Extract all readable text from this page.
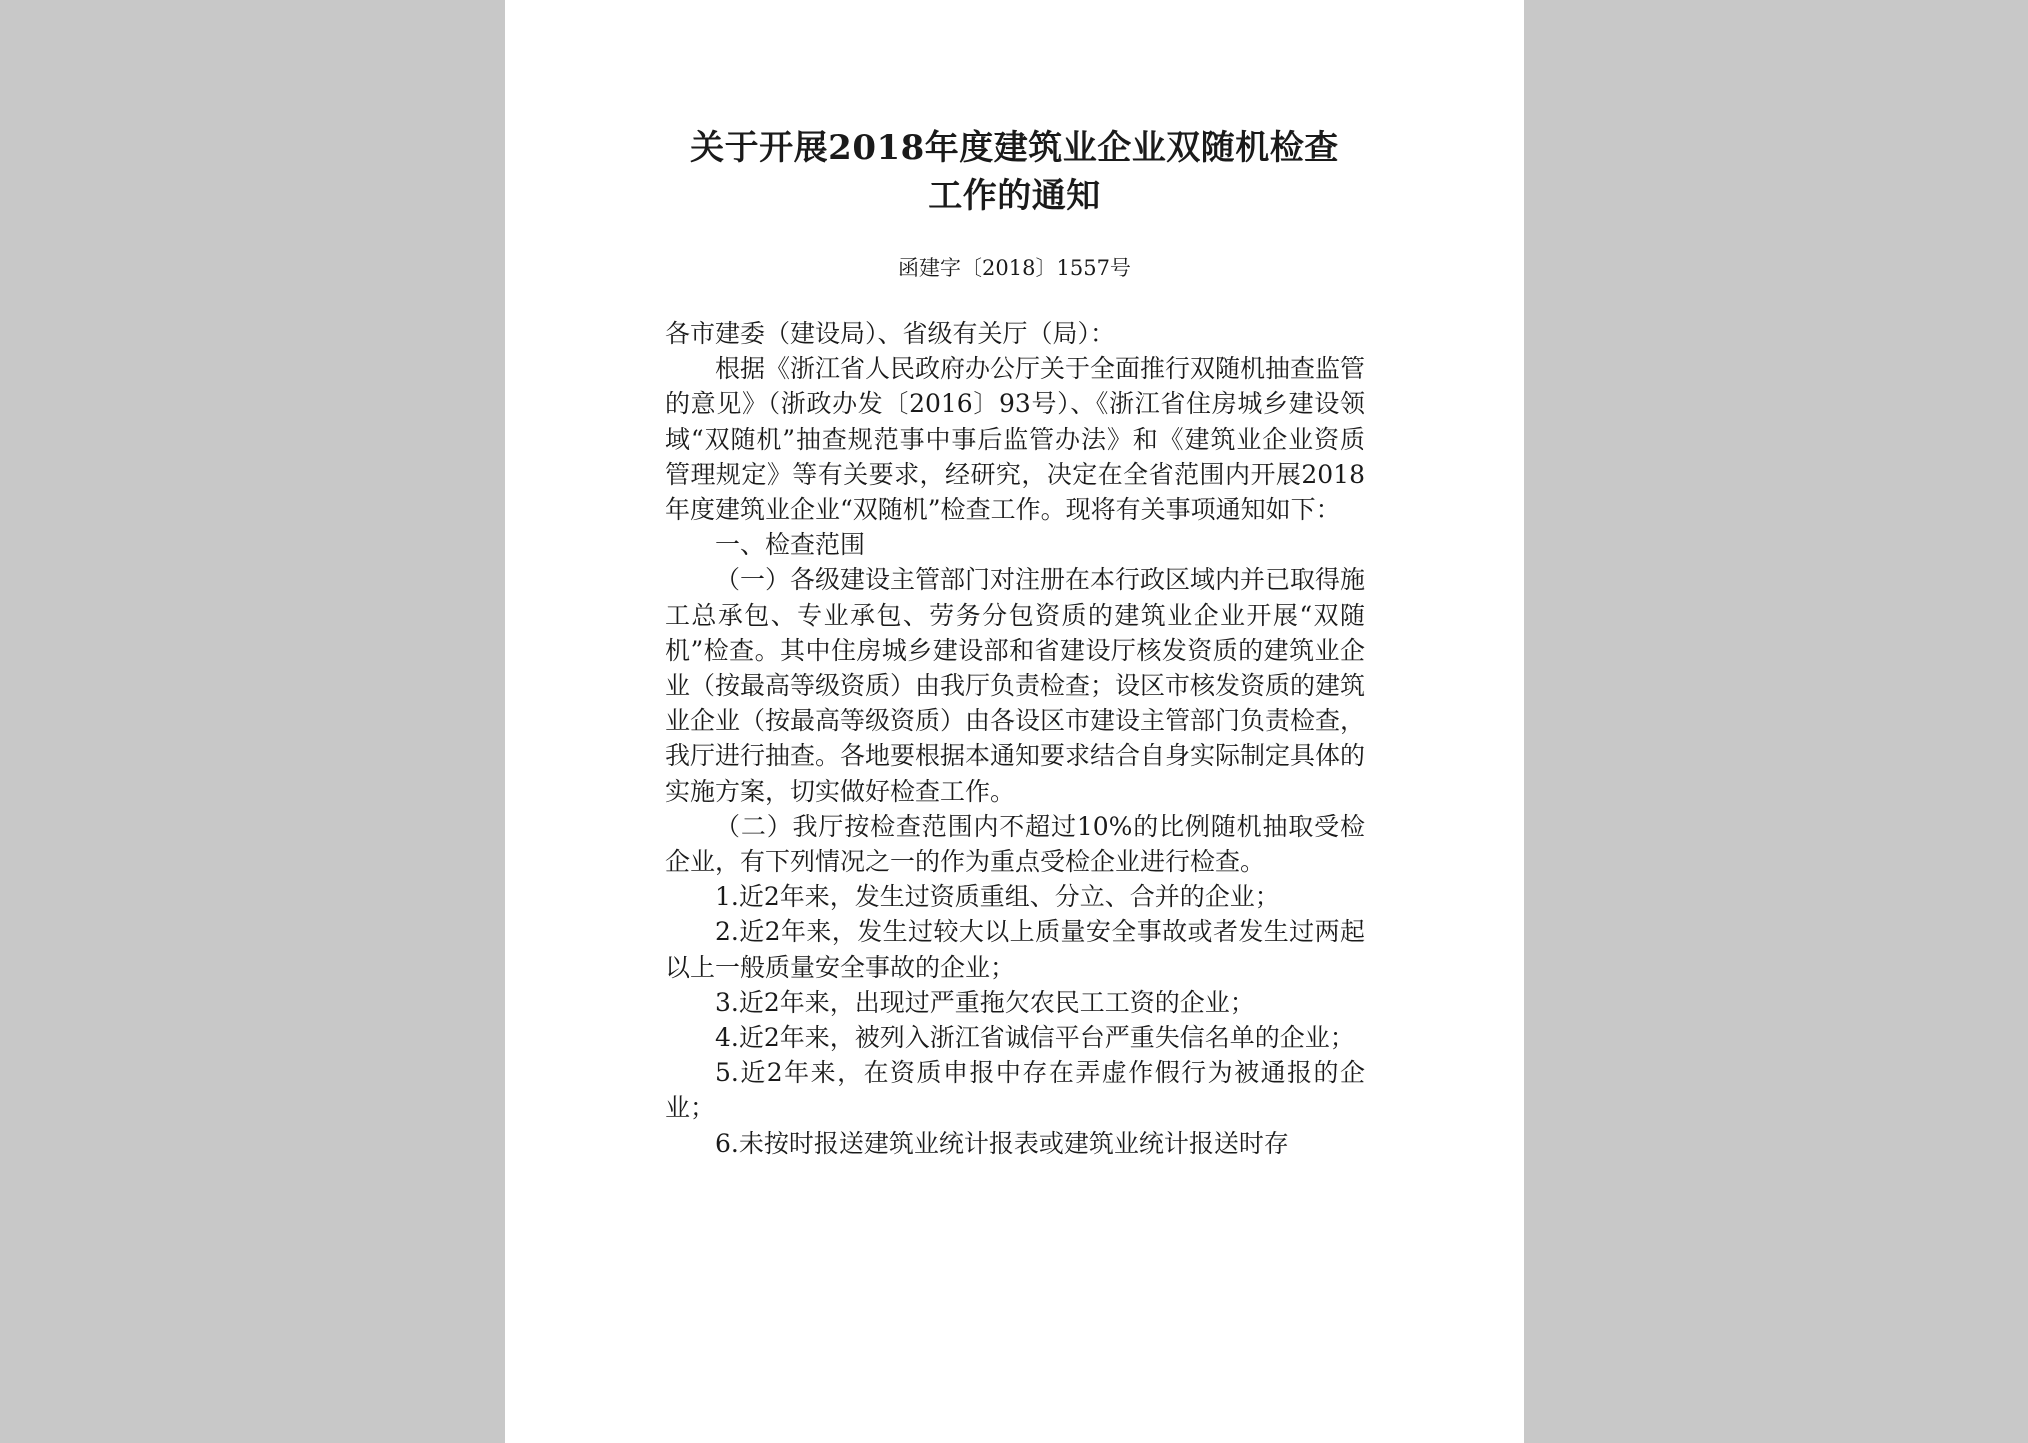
关于开展2018年度建筑业企业双随机检查
工作的通知

函建字〔2018〕1557号

各市建委（建设局）、省级有关厅（局）：

根据《浙江省人民政府办公厅关于全面推行双随机抽查监管的意见》（浙政办发〔2016〕93号）、《浙江省住房城乡建设领域“双随机”抽查规范事中事后监管办法》和《建筑业企业资质管理规定》等有关要求，经研究，决定在全省范围内开展2018年度建筑业企业“双随机”检查工作。现将有关事项通知如下：

一、检查范围

（一）各级建设主管部门对注册在本行政区域内并已取得施工总承包、专业承包、劳务分包资质的建筑业企业开展“双随机”检查。其中住房城乡建设部和省建设厅核发资质的建筑业企业（按最高等级资质）由我厅负责检查；设区市核发资质的建筑业企业（按最高等级资质）由各设区市建设主管部门负责检查，我厅进行抽查。各地要根据本通知要求结合自身实际制定具体的实施方案，切实做好检查工作。

（二）我厅按检查范围内不超过10%的比例随机抽取受检企业，有下列情况之一的作为重点受检企业进行检查。

1.近2年来，发生过资质重组、分立、合并的企业；

2.近2年来，发生过较大以上质量安全事故或者发生过两起以上一般质量安全事故的企业；

3.近2年来，出现过严重拖欠农民工工资的企业；

4.近2年来，被列入浙江省诚信平台严重失信名单的企业；

5.近2年来，在资质申报中存在弄虚作假行为被通报的企业；

6.未按时报送建筑业统计报表或建筑业统计报送时存
